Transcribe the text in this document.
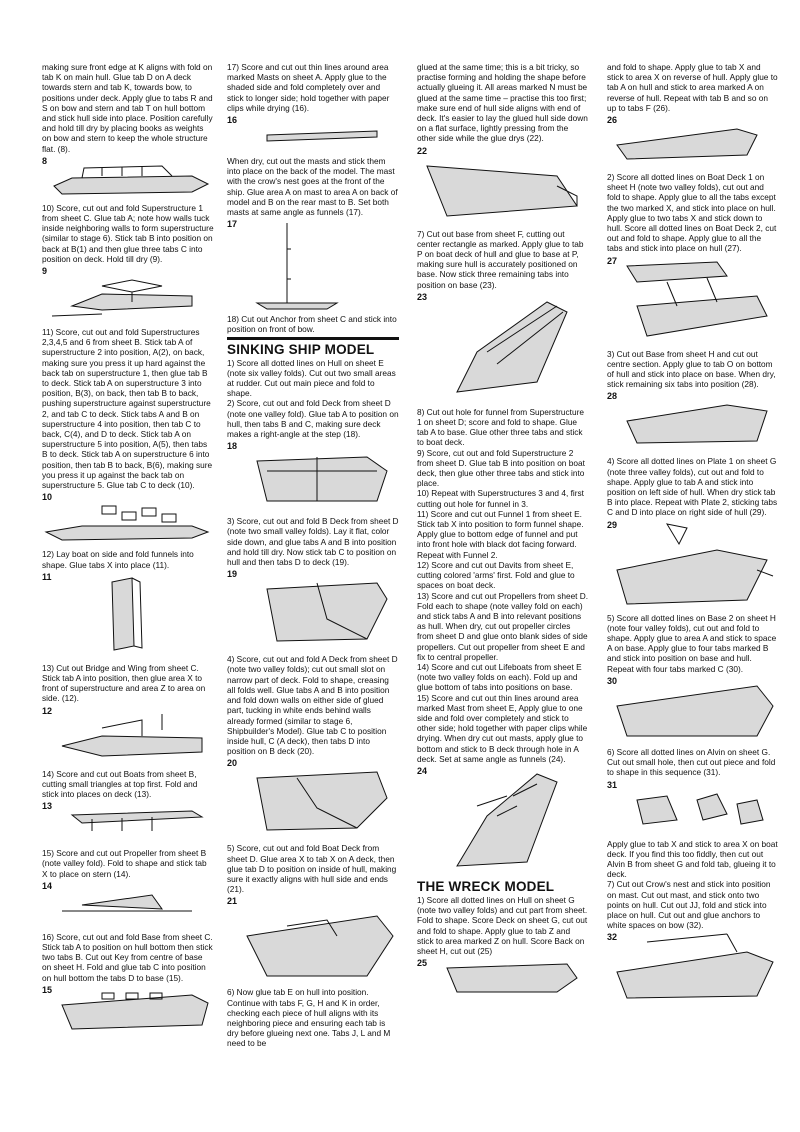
making sure front edge at K aligns with fold on tab K on main hull. Glue tab D on A deck towards stern and tab K, towards bow, to positions under deck. Apply glue to tabs R and S on bow and stern and tab T on hull bottom and stick hull side into place. Position carefully and hold till dry by placing books as weights on bow and stern to keep the whole structure flat. (8).

8

10) Score, cut out and fold Superstructure 1 from sheet C. Glue tab A; note how walls tuck inside neighboring walls to form superstructure (similar to stage 6). Stick tab B into position on back at B(1) and then glue three tabs C into position on deck. Hold till dry (9).

9

11) Score, cut out and fold Superstructures 2,3,4,5 and 6 from sheet B. Stick tab A of superstructure 2 into position, A(2), on back, making sure you press it up hard against the back tab on superstructure 1, then glue tab B to deck. Stick tab A on superstructure 3 into position, B(3), on back, then tab B to back, pushing superstructure against superstructure 2, and tab C to deck. Stick tabs A and B on superstructure 4 into position, then tab C to back, C(4), and D to deck. Stick tab A on superstructure 5 into position, A(5), then tabs B to deck. Stick tab A on superstructure 6 into position, then tab B to back, B(6), making sure you press it up against the back tab on superstructure 5. Glue tab C to deck (10).

10

12) Lay boat on side and fold funnels into shape. Glue tabs X into place (11).

11

13) Cut out Bridge and Wing from sheet C. Stick tab A into position, then glue area X to front of superstructure and area Z to area on side. (12).

12

14) Score and cut out Boats from sheet B, cutting small triangles at top first. Fold and stick into places on deck (13).

13

15) Score and cut out Propeller from sheet B (note valley fold). Fold to shape and stick tab X to place on stern (14).

14

16) Score, cut out and fold Base from sheet C. Stick tab A to position on hull bottom then stick two tabs B. Cut out Key from centre of base on sheet H. Fold and glue tab C into position on hull bottom the tabs D to base (15).

15

17) Score and cut out thin lines around area marked Masts on sheet A. Apply glue to the shaded side and fold completely over and stick to longer side; hold together with paper clips while drying (16).

16

When dry, cut out the masts and stick them into place on the back of the model. The mast with the crow's nest goes at the front of the ship. Glue area A on mast to area A on back of model and B on the rear mast to B. Set both masts at same angle as funnels (17).

17

18) Cut out Anchor from sheet C and stick into position on front of bow.

SINKING SHIP MODEL

1) Score all dotted lines on Hull on sheet E (note six valley folds). Cut out two small areas at rudder. Cut out main piece and fold to shape.

2) Score, cut out and fold Deck from sheet D (note one valley fold). Glue tab A to position on hull, then tabs B and C, making sure deck makes a right-angle at the step (18).

18

3) Score, cut out and fold B Deck from sheet D (note two small valley folds). Lay it flat, color side down, and glue tabs A and B into position and hold till dry. Now stick tab C to position on hull and then tabs D to deck (19).

19

4) Score, cut out and fold A Deck from sheet D (note two valley folds); cut out small slot on narrow part of deck. Fold to shape, creasing all folds well. Glue tabs A and B into position and fold down walls on either side of glued part, tucking in white ends behind walls already formed (similar to stage 6, Shipbuilder's Model). Glue tab C to position inside hull, C (A deck), then tabs D into position on B deck (20).

20

5) Score, cut out and fold Boat Deck from sheet D. Glue area X to tab X on A deck, then glue tab D to position on inside of hull, making sure it exactly aligns with hull side and ends (21).

21

6) Now glue tab E on hull into position. Continue with tabs F, G, H and K in order, checking each piece of hull aligns with its neighboring piece and ensuring each tab is dry before glueing next one. Tabs J, L and M need to be

glued at the same time; this is a bit tricky, so practise forming and holding the shape before actually glueing it. All areas marked N must be glued at the same time – practise this too first; make sure end of hull side aligns with end of deck. It's easier to lay the glued hull side down on a flat surface, lightly pressing from the other side while the glue drys (22).

22

7) Cut out base from sheet F, cutting out center rectangle as marked. Apply glue to tab P on boat deck of hull and glue to base at P, making sure hull is accurately positioned on base. Now stick three remaining tabs into position on base (23).

23

8) Cut out hole for funnel from Superstructure 1 on sheet D; score and fold to shape. Glue tab A to base. Glue other three tabs and stick to boat deck.

9) Score, cut out and fold Superstructure 2 from sheet D. Glue tab B into position on boat deck, then glue other three tabs and stick into place.

10) Repeat with Superstructures 3 and 4, first cutting out hole for funnel in 3.

11) Score and cut out Funnel 1 from sheet E. Stick tab X into position to form funnel shape. Apply glue to bottom edge of funnel and put into front hole with black dot facing forward. Repeat with Funnel 2.

12) Score and cut out Davits from sheet E, cutting colored 'arms' first. Fold and glue to spaces on boat deck.

13) Score and cut out Propellers from sheet D. Fold each to shape (note valley fold on each) and stick tabs A and B into relevant positions as hull. When dry, cut out propeller circles from sheet D and glue onto blank sides of side propellers. Cut out propeller from sheet E and fix to central propeller.

14) Score and cut out Lifeboats from sheet E (note two valley folds on each). Fold up and glue bottom of tabs into positions on base.

15) Score and cut out thin lines around area marked Mast from sheet E, Apply glue to one side and fold over completely and stick to other side; hold together with paper clips while drying. When dry cut out masts, apply glue to bottom and stick to B deck through hole in A deck. Set at same angle as funnels (24).

24
THE WRECK MODEL

1) Score all dotted lines on Hull on sheet G (note two valley folds) and cut part from sheet. Fold to shape. Score Deck on sheet G, cut out and fold to shape. Apply glue to tab Z and stick to area marked Z on hull. Score Back on sheet H, cut out (25)

25

and fold to shape. Apply glue to tab X and stick to area X on reverse of hull. Apply glue to tab A on hull and stick to area marked A on reverse of hull. Repeat with tab B and so on up to tabs F (26).

26

2) Score all dotted lines on Boat Deck 1 on sheet H (note two valley folds), cut out and fold to shape. Apply glue to all the tabs except the two marked X, and stick into place on hull. Apply glue to two tabs X and stick down to hull. Score all dotted lines on Boat Deck 2, cut out and fold to shape. Apply glue to all the tabs and stick into place on hull (27).

27

3) Cut out Base from sheet H and cut out centre section. Apply glue to tab O on bottom of hull and stick into place on base. When dry, stick remaining six tabs into position (28).

28

4) Score all dotted lines on Plate 1 on sheet G (note three valley folds), cut out and fold to shape. Apply glue to tab A and stick into position on left side of hull. When dry stick tab B into place. Repeat with Plate 2, sticking tabs C and D into place on right side of hull (29).

29

5) Score all dotted lines on Base 2 on sheet H (note four valley folds), cut out and fold to shape. Apply glue to area A and stick to space A on base. Apply glue to four tabs marked B and stick into position on base and hull. Repeat with four tabs marked C (30).

30

6) Score all dotted lines on Alvin on sheet G. Cut out small hole, then cut out piece and fold to shape in this sequence (31).

31

Apply glue to tab X and stick to area X on boat deck. If you find this too fiddly, then cut out Alvin B from sheet G and fold tab, glueing it to deck.

7) Cut out Crow's nest and stick into position on mast. Cut out mast, and stick onto two points on hull. Cut out JJ, fold and stick into place on hull. Cut out and glue anchors to white spaces on bow (32).

32
